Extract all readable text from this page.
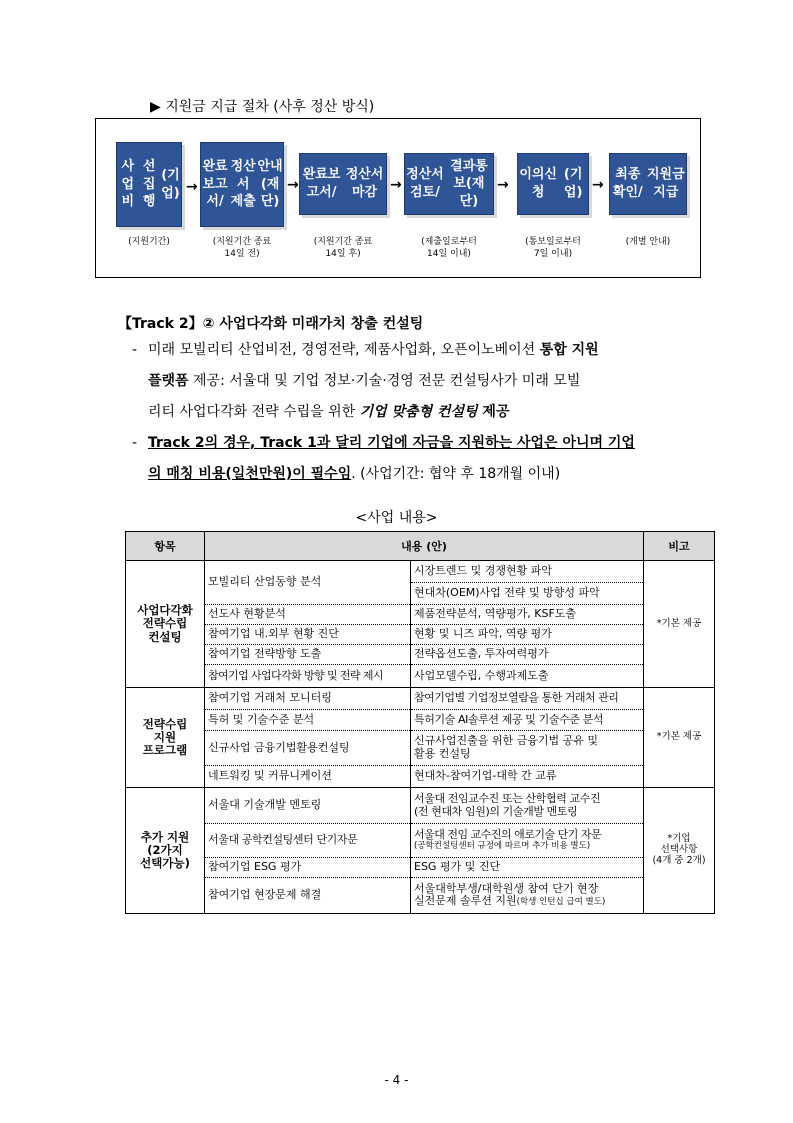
▶ 지원금 지급 절차 (사후 정산 방식)
사업비
선집행
(기업)
(지원기간)
완료보고서/
정산서 제출
안내(재단)
(지원기간 종료
14일 전)
완료보고서/
정산서 마감
(지원기간 종료
14일 후)
정산서 검토/
결과통보(재단)
(제출일로부터
14일 이내)
이의신청
(기업)
(통보일로부터
7일 이내)
최종 확인/
지원금 지급
(개별 안내)
→	→	→	→	→
【Track 2】② 사업다각화 미래가치 창출 컨설팅
- 미래 모빌리티 산업비전, 경영전략, 제품사업화, 오픈이노베이션 통합 지원
플랫폼 제공: 서울대 및 기업 정보·기술·경영 전문 컨설팅사가 미래 모빌
리티 사업다각화 전략 수립을 위한 기업 맞춤형 컨설팅 제공
- Track 2의 경우, Track 1과 달리 기업에 자금을 지원하는 사업은 아니며 기업
의 매칭 비용(일천만원)이 필수임. (사업기간: 협약 후 18개월 이내)
<사업 내용>
항목	내용 (안)		비고
사업다각화
전략수립
컨설팅	모빌리티 산업동향 분석	시장트렌드 및 경쟁현황 파악	*기본 제공
		현대차(OEM)사업 전략 및 방향성 파악	
	선도사 현황분석	제품전략분석, 역량평가, KSF도출	
	참여기업 내.외부 현황 진단	현황 및 니즈 파악, 역량 평가	
	참여기업 전략방향 도출	전략옵션도출, 투자여력평가	
	참여기업 사업다각화 방향 및 전략 제시	사업모델수립, 수행과제도출	
전략수립
지원
프로그램	참여기업 거래처 모니터링	참여기업별 기업정보열람을 통한 거래처 관리	*기본 제공
	특허 및 기술수준 분석	특허기술 AI솔루션 제공 및 기술수준 분석	
	신규사업 금융기법활용컨설팅	신규사업진출을 위한 금융기법 공유 및
활용 컨설팅	
	네트워킹 및 커뮤니케이션	현대차-참여기업-대학 간 교류	
추가 지원
(2가지
선택가능)	서울대 기술개발 멘토링	서울대 전임교수진 또는 산학협력 교수진
(전 현대차 임원)의 기술개발 멘토링	*기업
선택사항
(4개 중 2개)
	서울대 공학컨설팅센터 단기자문	서울대 전임 교수진의 애로기술 단기 자문
(공학컨설팅센터 규정에 따르며 추가 비용 별도)	

	참여기업 ESG 평가	ESG 평가 및 진단	
	참여기업 현장문제 해결	서울대학부생/대학원생 참여 단기 현장
실전문제 솔루션 지원(학생 인턴십 급여 별도)	
- 4 -
